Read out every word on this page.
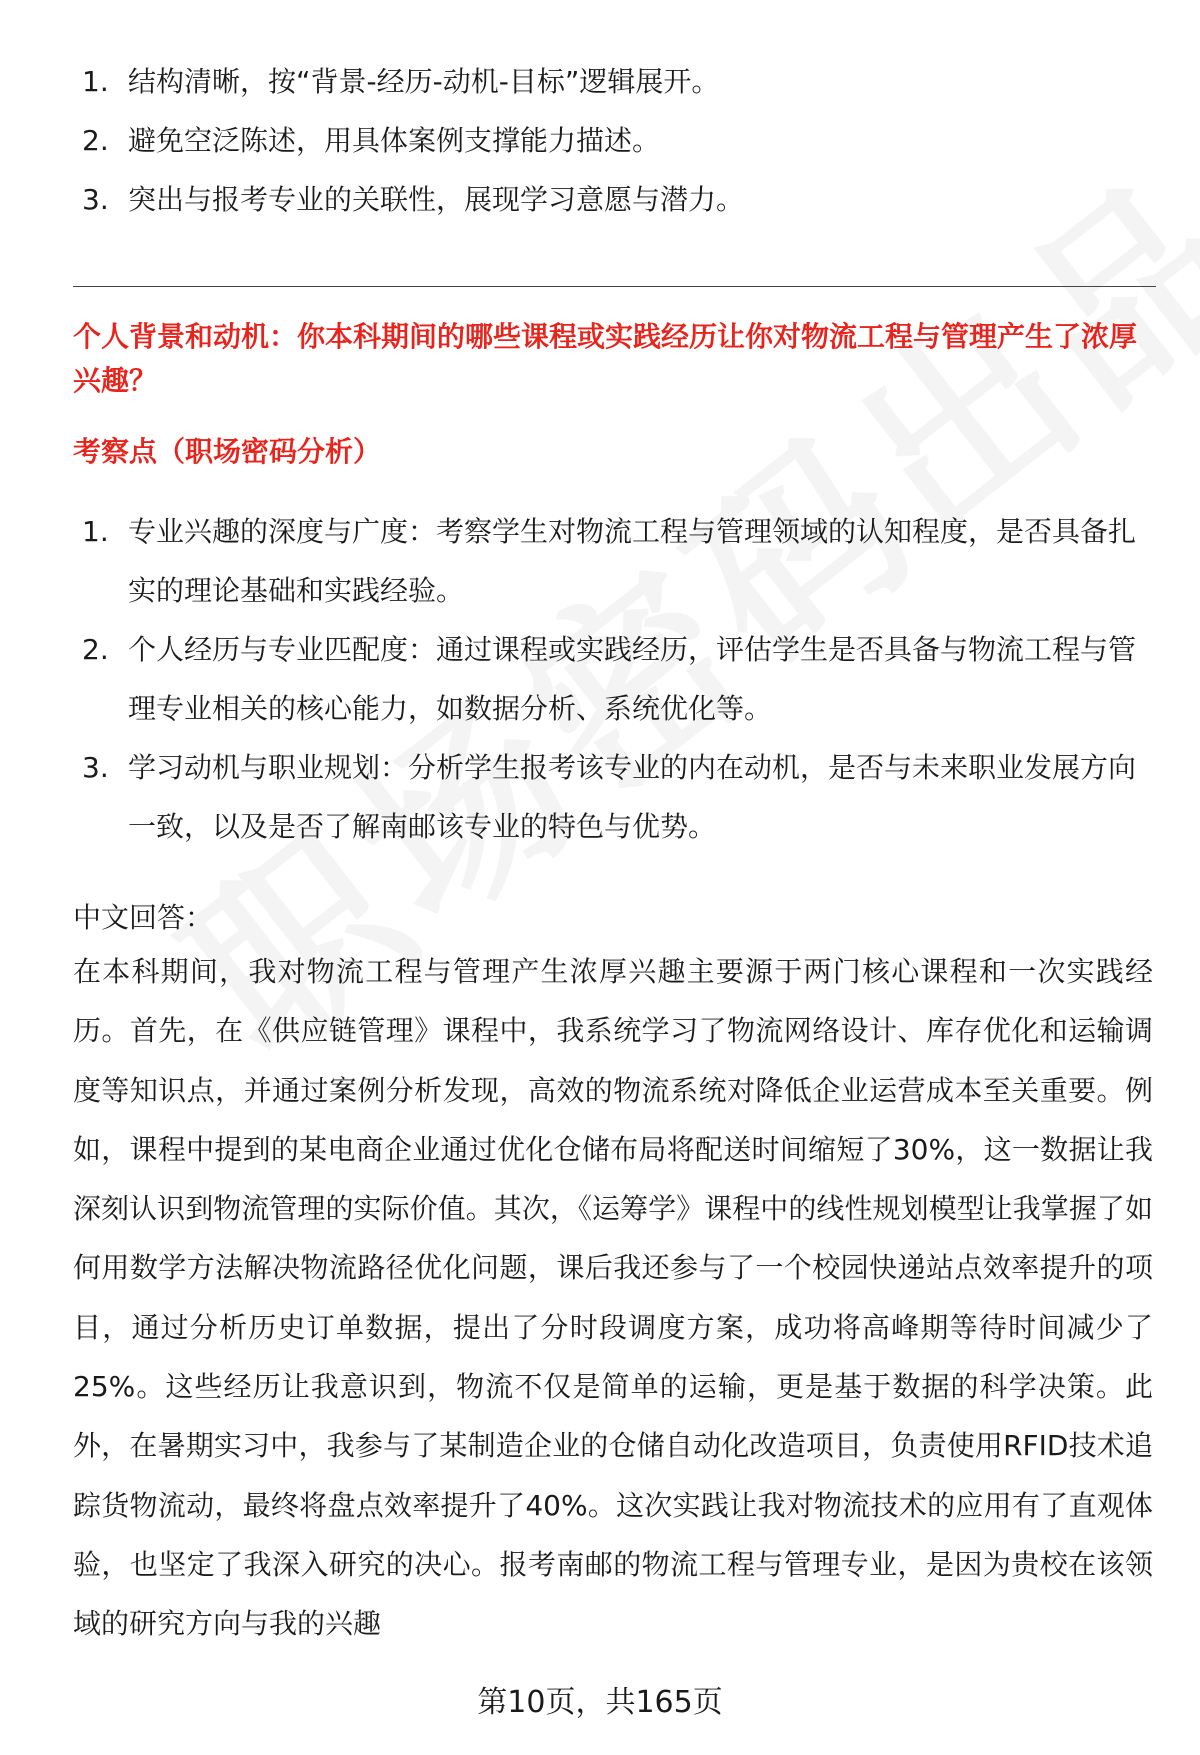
1. 结构清晰，按“背景-经历-动机-目标”逻辑展开。
2. 避免空泛陈述，用具体案例支撑能力描述。
3. 突出与报考专业的关联性，展现学习意愿与潜力。
个人背景和动机：你本科期间的哪些课程或实践经历让你对物流工程与管理产生了浓厚兴趣？
考察点（职场密码分析）
1. 专业兴趣的深度与广度：考察学生对物流工程与管理领域的认知程度，是否具备扎实的理论基础和实践经验。
2. 个人经历与专业匹配度：通过课程或实践经历，评估学生是否具备与物流工程与管理专业相关的核心能力，如数据分析、系统优化等。
3. 学习动机与职业规划：分析学生报考该专业的内在动机，是否与未来职业发展方向一致，以及是否了解南邮该专业的特色与优势。
中文回答：
在本科期间，我对物流工程与管理产生浓厚兴趣主要源于两门核心课程和一次实践经历。首先，在《供应链管理》课程中，我系统学习了物流网络设计、库存优化和运输调度等知识点，并通过案例分析发现，高效的物流系统对降低企业运营成本至关重要。例如，课程中提到的某电商企业通过优化仓储布局将配送时间缩短了30%，这一数据让我深刻认识到物流管理的实际价值。其次，《运筹学》课程中的线性规划模型让我掌握了如何用数学方法解决物流路径优化问题，课后我还参与了一个校园快递站点效率提升的项目，通过分析历史订单数据，提出了分时段调度方案，成功将高峰期等待时间减少了25%。这些经历让我意识到，物流不仅是简单的运输，更是基于数据的科学决策。此外，在暑期实习中，我参与了某制造企业的仓储自动化改造项目，负责使用RFID技术追踪货物流动，最终将盘点效率提升了40%。这次实践让我对物流技术的应用有了直观体验，也坚定了我深入研究的决心。报考南邮的物流工程与管理专业，是因为贵校在该领域的研究方向与我的兴趣
第10页，共165页
